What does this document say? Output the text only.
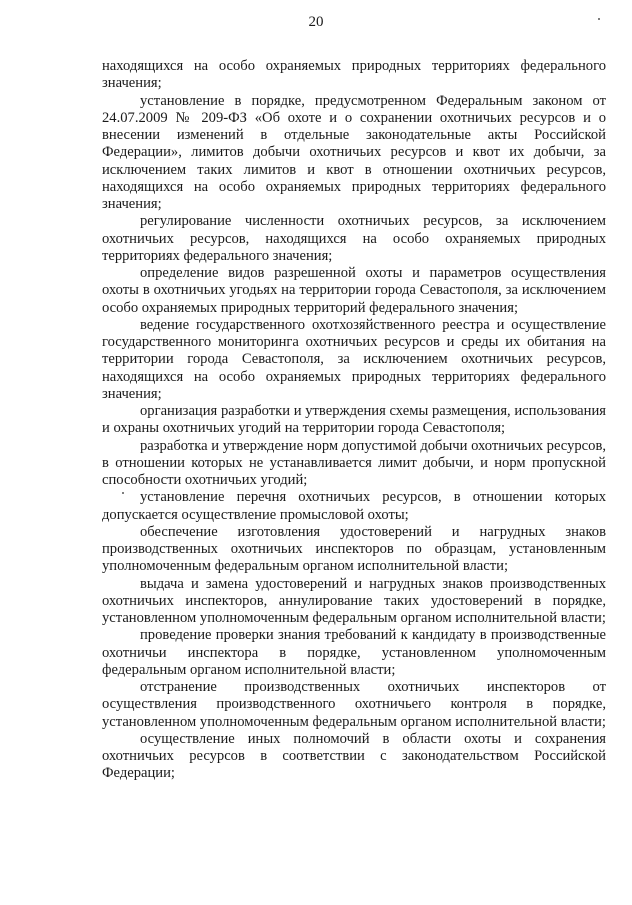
20

находящихся на особо охраняемых природных территориях федерального значения;

установление в порядке, предусмотренном Федеральным законом от 24.07.2009 № 209-ФЗ «Об охоте и о сохранении охотничьих ресурсов и о внесении изменений в отдельные законодательные акты Российской Федерации», лимитов добычи охотничьих ресурсов и квот их добычи, за исключением таких лимитов и квот в отношении охотничьих ресурсов, находящихся на особо охраняемых природных территориях федерального значения;

регулирование численности охотничьих ресурсов, за исключением охотничьих ресурсов, находящихся на особо охраняемых природных территориях федерального значения;

определение видов разрешенной охоты и параметров осуществления охоты в охотничьих угодьях на территории города Севастополя, за исключением особо охраняемых природных территорий федерального значения;

ведение государственного охотхозяйственного реестра и осуществление государственного мониторинга охотничьих ресурсов и среды их обитания на территории города Севастополя, за исключением охотничьих ресурсов, находящихся на особо охраняемых природных территориях федерального значения;

организация разработки и утверждения схемы размещения, использования и охраны охотничьих угодий на территории города Севастополя;

разработка и утверждение норм допустимой добычи охотничьих ресурсов, в отношении которых не устанавливается лимит добычи, и норм пропускной способности охотничьих угодий;

установление перечня охотничьих ресурсов, в отношении которых допускается осуществление промысловой охоты;

обеспечение изготовления удостоверений и нагрудных знаков производственных охотничьих инспекторов по образцам, установленным уполномоченным федеральным органом исполнительной власти;

выдача и замена удостоверений и нагрудных знаков производственных охотничьих инспекторов, аннулирование таких удостоверений в порядке, установленном уполномоченным федеральным органом исполнительной власти;

проведение проверки знания требований к кандидату в производственные охотничьи инспектора в порядке, установленном уполномоченным федеральным органом исполнительной власти;

отстранение производственных охотничьих инспекторов от осуществления производственного охотничьего контроля в порядке, установленном уполномоченным федеральным органом исполнительной власти;

осуществление иных полномочий в области охоты и сохранения охотничьих ресурсов в соответствии с законодательством Российской Федерации;
